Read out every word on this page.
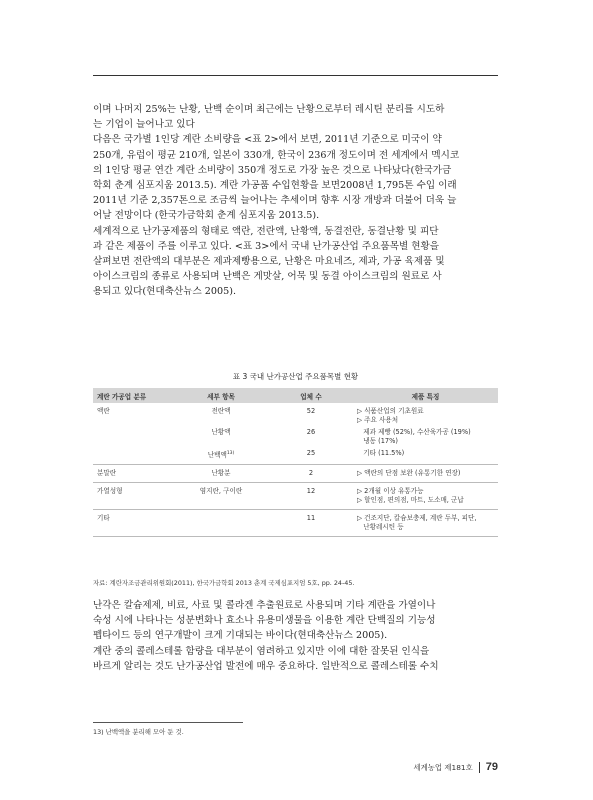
이며 나머지 25%는 난황, 난백 순이며 최근에는 난황으로부터 레시틴 분리를 시도하
는 기업이 늘어나고 있다
다음은 국가별 1인당 계란 소비량을 <표 2>에서 보면, 2011년 기준으로 미국이 약
250개, 유럽이 평균 210개, 일본이 330개, 한국이 236개 정도이며 전 세계에서 멕시코
의 1인당 평균 연간 계란 소비량이 350개 정도로 가장 높은 것으로 나타났다(한국가금
학회 춘계 심포지움 2013.5). 계란 가공품 수입현황을 보면2008년 1,795톤 수입 이래
2011년 기준 2,357톤으로 조금씩 늘어나는 추세이며 향후 시장 개방과 더불어 더욱 늘
어날 전망이다 (한국가금학회 춘계 심포지움 2013.5).
세계적으로 난가공제품의 형태로 액란, 전란액, 난황액, 동결전란, 동결난황 및 피단
과 같은 제품이 주를 이루고 있다. <표 3>에서 국내 난가공산업 주요품목별 현황을
살펴보면 전란액의 대부분은 제과제빵용으로, 난황은 마요네즈, 제과, 가공 육제품 및
아이스크림의 종류로 사용되며 난백은 게맛살, 어묵 및 동결 아이스크림의 원료로 사
용되고 있다(현대축산뉴스 2005).
표 3 국내 난가공산업 주요품목별 현황
계란 가공업 분류	세부 항목	업체 수	제품 특징
액란	전란액	52	▷ 식품산업의 기초원료
▷ 주요 사용처

	난황액	26	제과 제빵 (52%), 수산육가공 (19%)
냉동 (17%)

	난백액$^{13)}$	25	기타 (11.5%)

분말란	난황분	2	▷ 액란의 단점 보완 (유통기한 연장)

가열성형	염지란, 구이란	12	▷ 2개월 이상 유통가능
▷ 할인점, 편의점, 마트, 도소매, 군납

기타		11	▷ 건조지단, 칼슘보충제, 계란 두부, 피단,
난황레시틴 등
자료: 계란자조금관리위원회(2011), 한국가금학회 2013 춘계 국제심포지엄 5호, pp. 24-45.
난각은 칼슘제제, 비료, 사료 및 콜라겐 추출원료로 사용되며 기타 계란을 가열이나
숙성 시에 나타나는 성분변화나 효소나 유용미생물을 이용한 계란 단백질의 기능성
펩타이드 등의 연구개발이 크게 기대되는 바이다(현대축산뉴스 2005).
계란 중의 콜레스테롤 함량을 대부분이 염려하고 있지만 이에 대한 잘못된 인식을
바르게 알리는 것도 난가공산업 발전에 매우 중요하다. 일반적으로 콜레스테롤 수치
13) 난백액을 분리해 모아 둔 것.
세계농업 제181호 79
